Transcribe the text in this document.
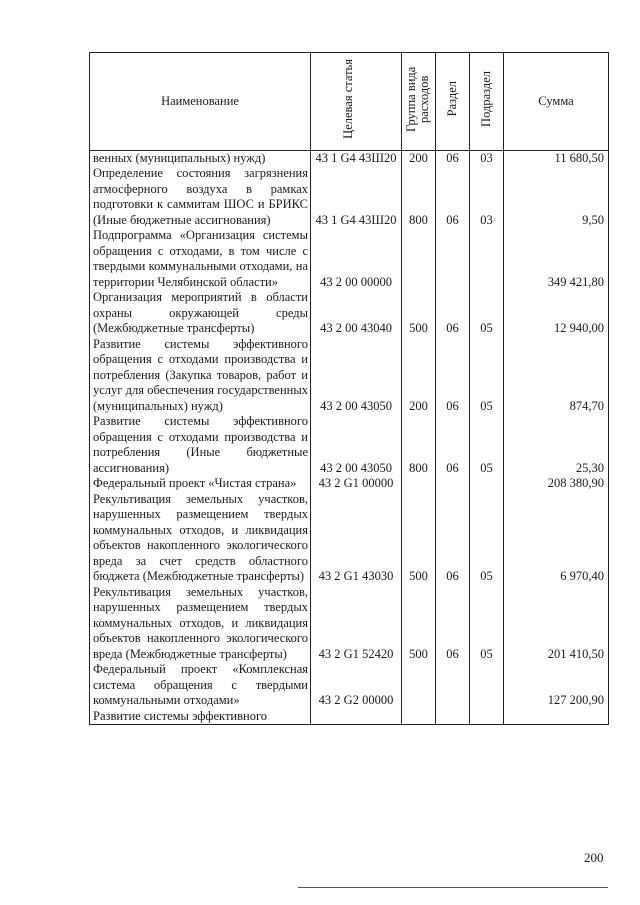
Наименование	Целевая статья	Группа вида расходов	Раздел	Подраздел	Сумма
венных (муниципальных) нужд)	43 1 G4 43Ш20	200	06	03	11 680,50
Определение состояния загрязнения атмосферного воздуха в рамках подготовки к саммитам ШОС и БРИКС (Иные бюджетные ассигнования)	43 1 G4 43Ш20	800	06	03	9,50
Подпрограмма «Организация системы обращения с отходами, в том числе с твердыми коммунальными отходами, на территории Челябинской области»	43 2 00 00000				349 421,80
Организация мероприятий в области охраны окружающей среды (Межбюджетные трансферты)	43 2 00 43040	500	06	05	12 940,00
Развитие системы эффективного обращения с отходами производства и потребления (Закупка товаров, работ и услуг для обеспечения государственных (муниципальных) нужд)	43 2 00 43050	200	06	05	874,70
Развитие системы эффективного обращения с отходами производства и потребления (Иные бюджетные ассигнования)	43 2 00 43050	800	06	05	25,30
Федеральный проект «Чистая страна»	43 2 G1 00000				208 380,90
Рекультивация земельных участков, нарушенных размещением твердых коммунальных отходов, и ликвидация объектов накопленного экологического вреда за счет средств областного бюджета (Межбюджетные трансферты)	43 2 G1 43030	500	06	05	6 970,40
Рекультивация земельных участков, нарушенных размещением твердых коммунальных отходов, и ликвидация объектов накопленного экологического вреда (Межбюджетные трансферты)	43 2 G1 52420	500	06	05	201 410,50
Федеральный проект «Комплексная система обращения с твердыми коммунальными отходами»	43 2 G2 00000				127 200,90
Развитие системы эффективного					
200
